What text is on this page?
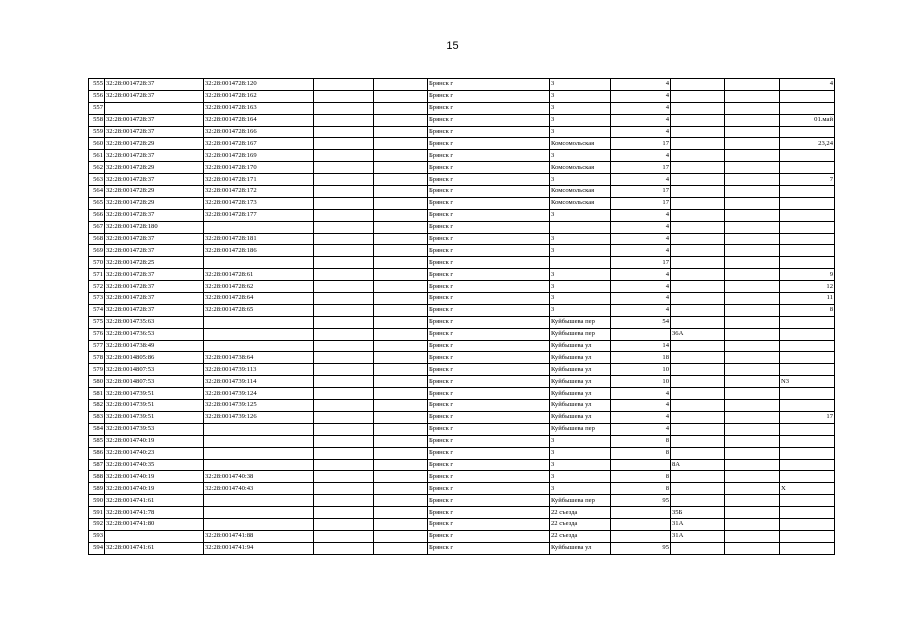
15
555	32:28:0014728:37	32:28:0014728:120			Брянск г	3	4			4
556	32:28:0014728:37	32:28:0014728:162			Брянск г	3	4			
557		32:28:0014728:163			Брянск г	3	4			
558	32:28:0014728:37	32:28:0014728:164			Брянск г	3	4			01.май
559	32:28:0014728:37	32:28:0014728:166			Брянск г	3	4			
560	32:28:0014728:29	32:28:0014728:167			Брянск г	Комсомольская	17			23,24
561	32:28:0014728:37	32:28:0014728:169			Брянск г	3	4			
562	32:28:0014728:29	32:28:0014728:170			Брянск г	Комсомольская	17			
563	32:28:0014728:37	32:28:0014728:171			Брянск г	3	4			7
564	32:28:0014728:29	32:28:0014728:172			Брянск г	Комсомольская	17			
565	32:28:0014728:29	32:28:0014728:173			Брянск г	Комсомольская	17			
566	32:28:0014728:37	32:28:0014728:177			Брянск г	3	4			
567	32:28:0014728:180				Брянск г		4			
568	32:28:0014728:37	32:28:0014728:181			Брянск г	3	4			
569	32:28:0014728:37	32:28:0014728:186			Брянск г	3	4			
570	32:28:0014728:25				Брянск г		17			
571	32:28:0014728:37	32:28:0014728:61			Брянск г	3	4			9
572	32:28:0014728:37	32:28:0014728:62			Брянск г	3	4			12
573	32:28:0014728:37	32:28:0014728:64			Брянск г	3	4			11
574	32:28:0014728:37	32:28:0014728:65			Брянск г	3	4			8
575	32:28:0014735:63				Брянск г	Куйбышева пер	54			
576	32:28:0014736:53				Брянск г	Куйбышева пер		36А		
577	32:28:0014738:49				Брянск г	Куйбышева ул	14			
578	32:28:0014805:86	32:28:0014738:64			Брянск г	Куйбышева ул	18			
579	32:28:0014807:53	32:28:0014739:113			Брянск г	Куйбышева ул	10			
580	32:28:0014807:53	32:28:0014739:114			Брянск г	Куйбышева ул	10			N3
581	32:28:0014739:51	32:28:0014739:124			Брянск г	Куйбышева ул	4			
582	32:28:0014739:51	32:28:0014739:125			Брянск г	Куйбышева ул	4			
583	32:28:0014739:51	32:28:0014739:126			Брянск г	Куйбышева ул	4			17
584	32:28:0014739:53				Брянск г	Куйбышева пер	4			
585	32:28:0014740:19				Брянск г	3	8			
586	32:28:0014740:23				Брянск г	3	8			
587	32:28:0014740:35				Брянск г	3		8А		
588	32:28:0014740:19	32:28:0014740:38			Брянск г	3	8			
589	32:28:0014740:19	32:28:0014740:43			Брянск г	3	8			X
590	32:28:0014741:61				Брянск г	Куйбышева пер	95			
591	32:28:0014741:78				Брянск г	22 съезда		35Б		
592	32:28:0014741:80				Брянск г	22 съезда		31А		
593		32:28:0014741:88			Брянск г	22 съезда		31А		
594	32:28:0014741:61	32:28:0014741:94			Брянск г	Куйбышева ул	95			
